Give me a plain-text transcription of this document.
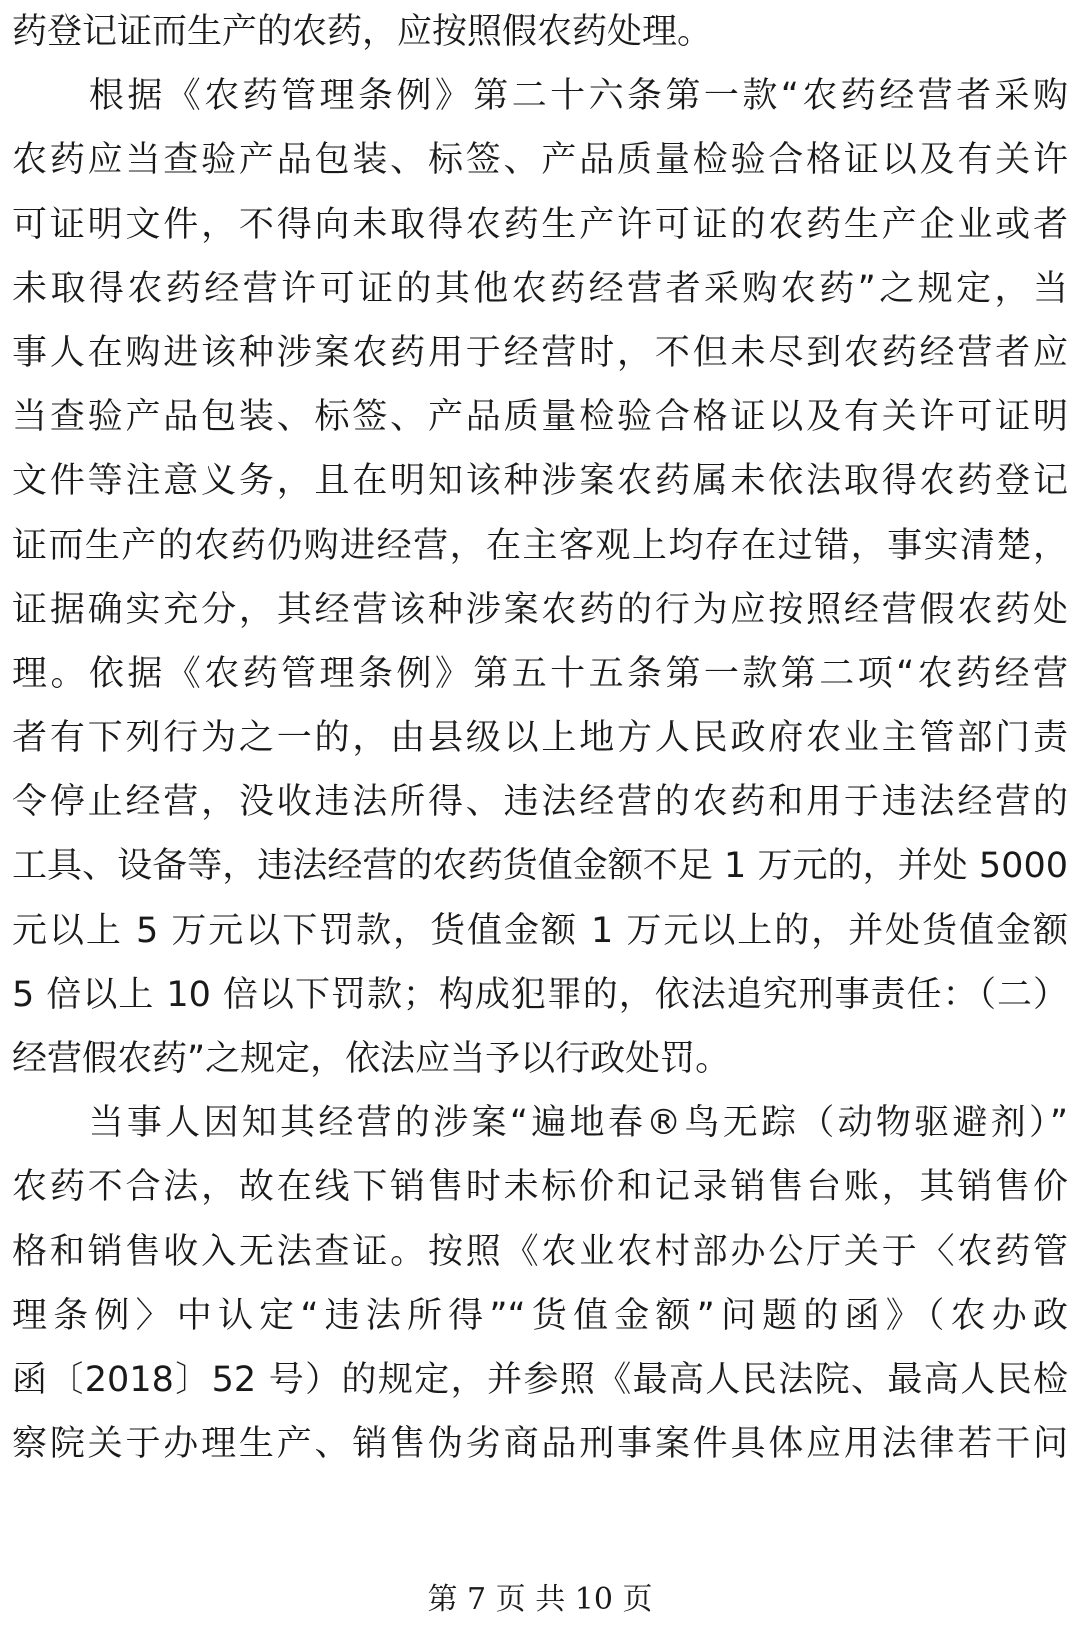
药登记证而生产的农药，应按照假农药处理。
　　根据《农药管理条例》第二十六条第一款“农药经营者采购
农药应当查验产品包装、标签、产品质量检验合格证以及有关许
可证明文件，不得向未取得农药生产许可证的农药生产企业或者
未取得农药经营许可证的其他农药经营者采购农药”之规定，当
事人在购进该种涉案农药用于经营时，不但未尽到农药经营者应
当查验产品包装、标签、产品质量检验合格证以及有关许可证明
文件等注意义务，且在明知该种涉案农药属未依法取得农药登记
证而生产的农药仍购进经营，在主客观上均存在过错，事实清楚，
证据确实充分，其经营该种涉案农药的行为应按照经营假农药处
理。依据《农药管理条例》第五十五条第一款第二项“农药经营
者有下列行为之一的，由县级以上地方人民政府农业主管部门责
令停止经营，没收违法所得、违法经营的农药和用于违法经营的
工具、设备等，违法经营的农药货值金额不足 1 万元的，并处 5000
元以上 5 万元以下罚款，货值金额 1 万元以上的，并处货值金额
5 倍以上 10 倍以下罚款；构成犯罪的，依法追究刑事责任：（二）
经营假农药”之规定，依法应当予以行政处罚。
　　当事人因知其经营的涉案“遍地春®鸟无踪（动物驱避剂）”
农药不合法，故在线下销售时未标价和记录销售台账，其销售价
格和销售收入无法查证。按照《农业农村部办公厅关于〈农药管
理条例〉中认定“违法所得”“货值金额”问题的函》（农办政
函〔2018〕52 号）的规定，并参照《最高人民法院、最高人民检
察院关于办理生产、销售伪劣商品刑事案件具体应用法律若干问
第 7 页 共 10 页
